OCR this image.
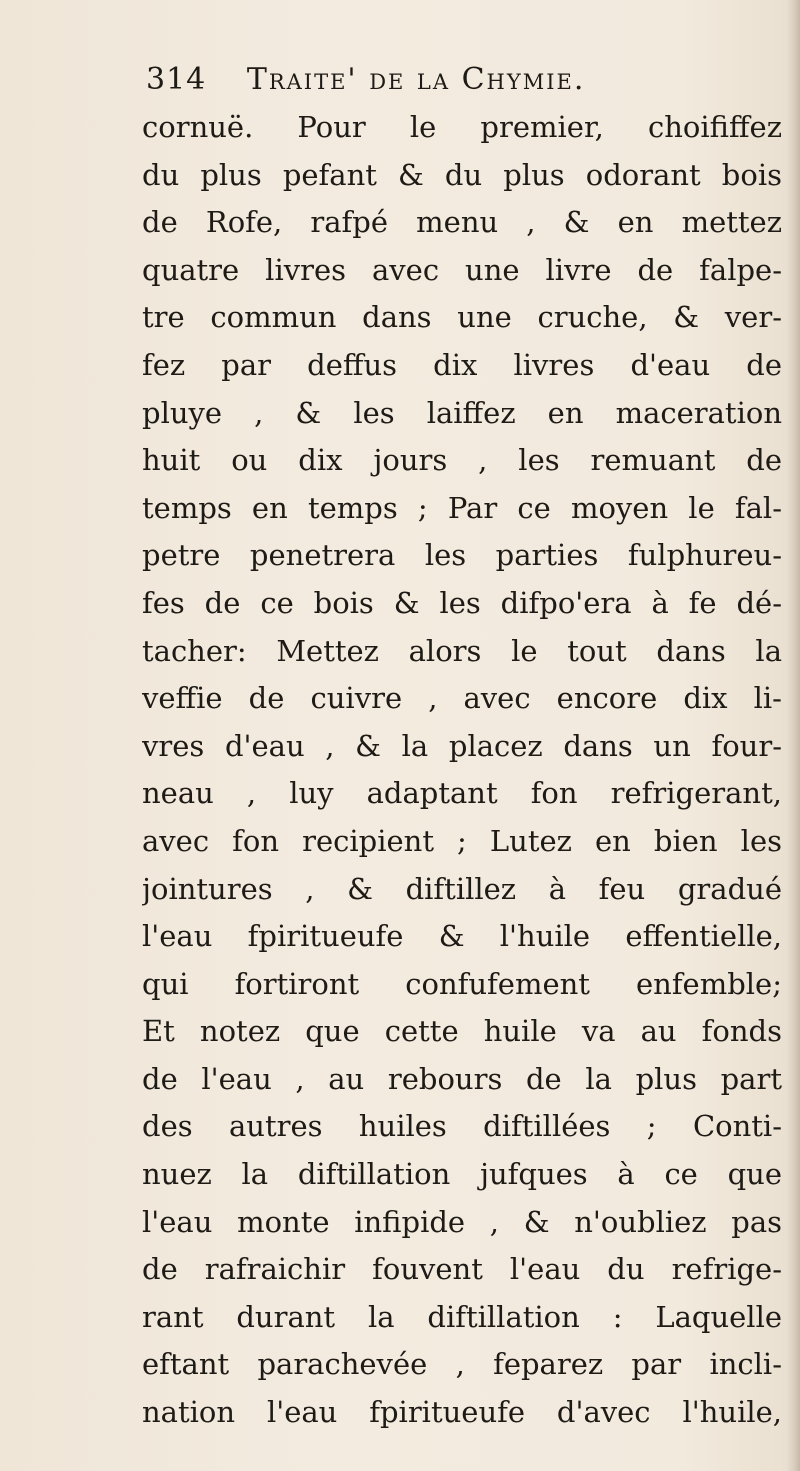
314 Traite' de la Chymie.
cornuë. Pour le premier, choififfez
du plus pefant & du plus odorant bois
de Rofe, rafpé menu , & en mettez
quatre livres avec une livre de falpe-
tre commun dans une cruche, & ver-
fez par deffus dix livres d'eau de
pluye , & les laiffez en maceration
huit ou dix jours , les remuant de
temps en temps ; Par ce moyen le fal-
petre penetrera les parties fulphureu-
fes de ce bois & les difpo'era à fe dé-
tacher: Mettez alors le tout dans la
veffie de cuivre , avec encore dix li-
vres d'eau , & la placez dans un four-
neau , luy adaptant fon refrigerant,
avec fon recipient ; Lutez en bien les
jointures , & diftillez à feu gradué
l'eau fpiritueufe & l'huile effentielle,
qui fortiront confufement enfemble;
Et notez que cette huile va au fonds
de l'eau , au rebours de la plus part
des autres huiles diftillées ; Conti-
nuez la diftillation jufques à ce que
l'eau monte infipide , & n'oubliez pas
de rafraichir fouvent l'eau du refrige-
rant durant la diftillation : Laquelle
eftant parachevée , feparez par incli-
nation l'eau fpiritueufe d'avec l'huile,
